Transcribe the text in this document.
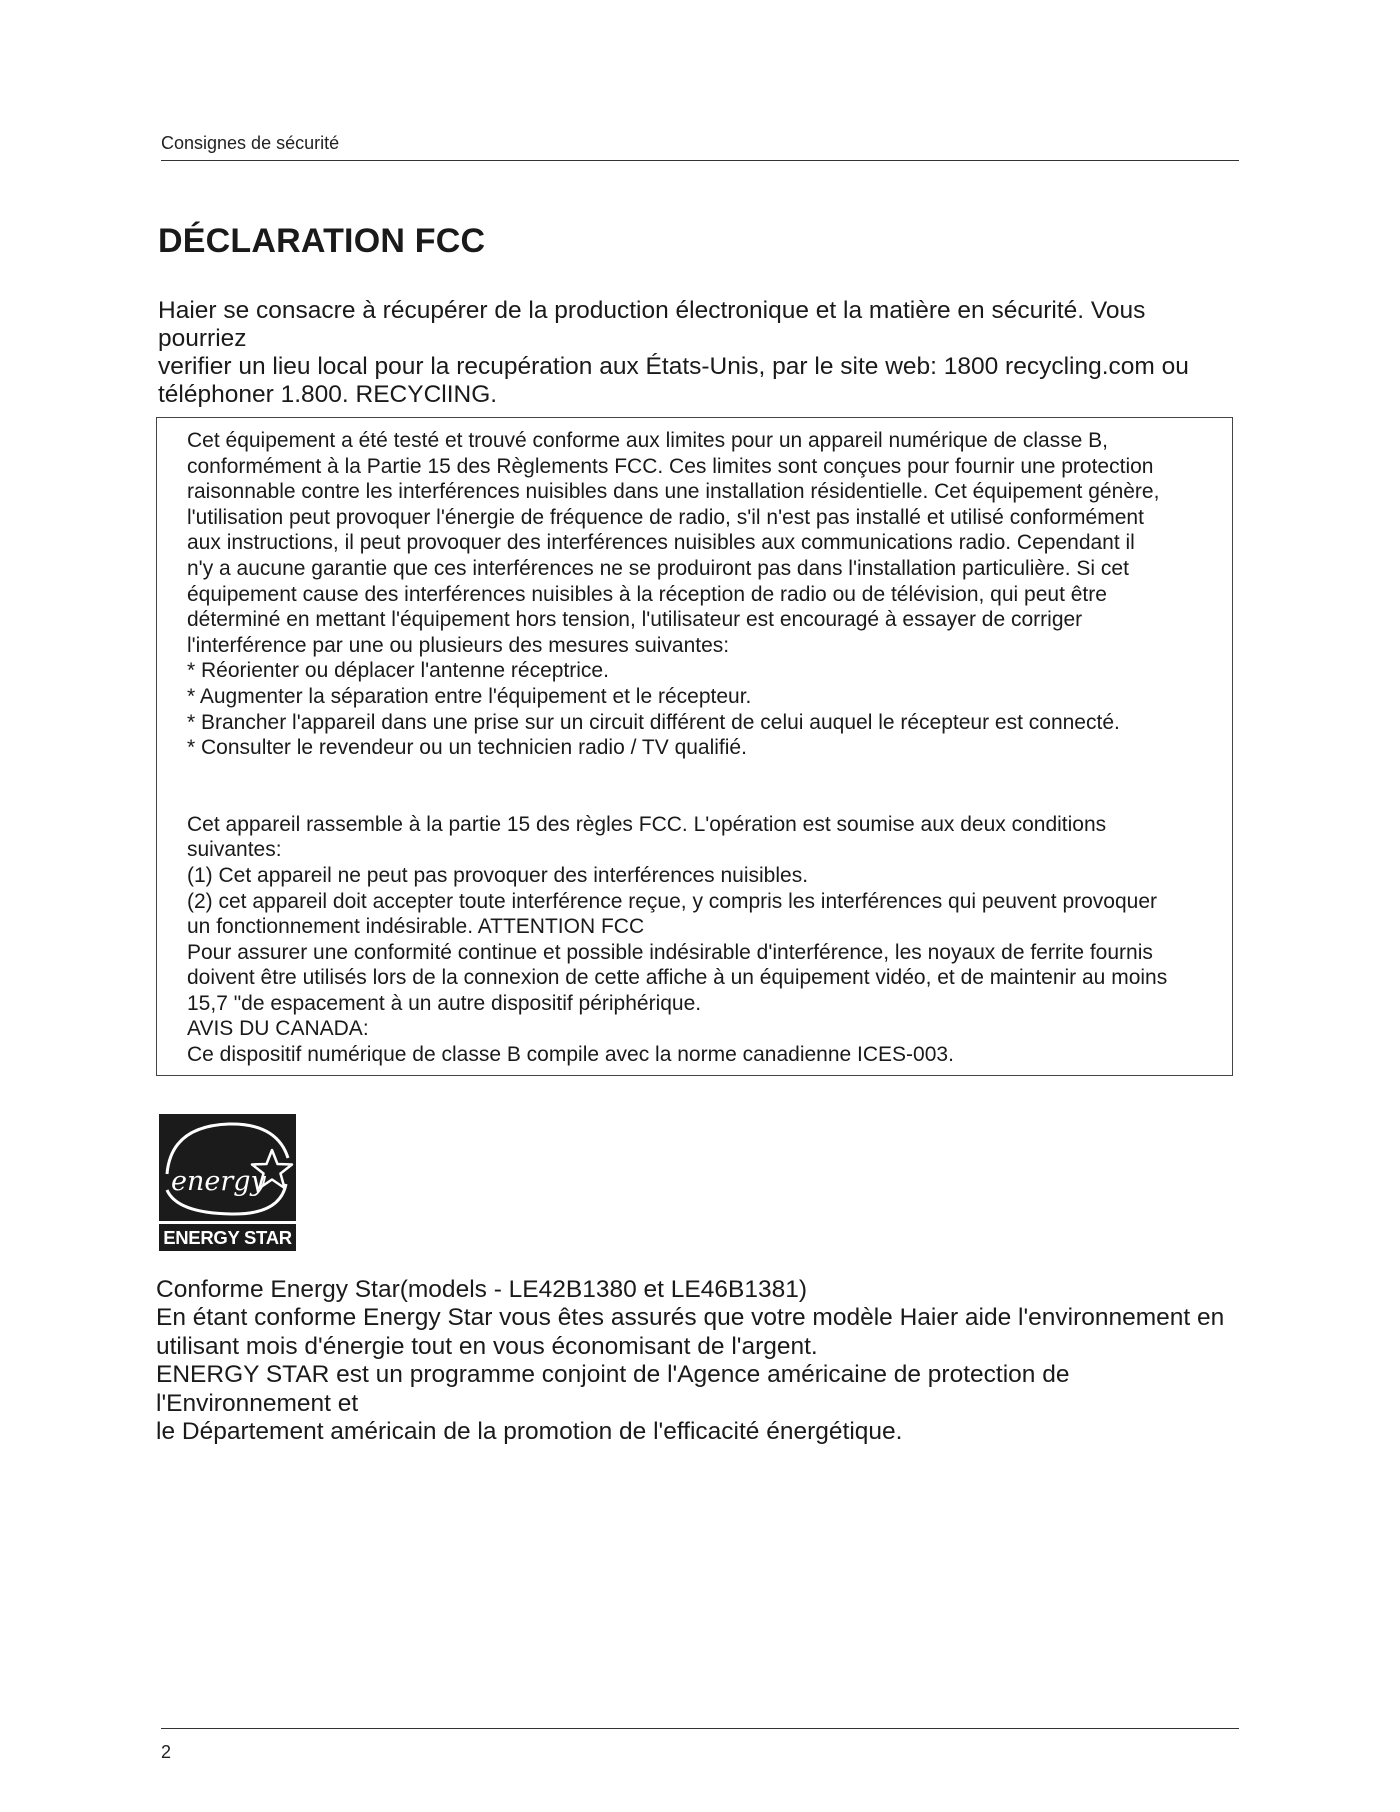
Consignes de sécurité
DÉCLARATION FCC
Haier se consacre à récupérer de la production électronique et la matière en sécurité. Vous pourriez
verifier un lieu local pour la recupération aux États-Unis, par le site web: 1800 recycling.com ou
téléphoner 1.800. RECYClING.

Cet équipement a été testé et trouvé conforme aux limites pour un appareil numérique de classe B,

conformément à la Partie 15 des Règlements FCC. Ces limites sont conçues pour fournir une protection

raisonnable contre les interférences nuisibles dans une installation résidentielle. Cet équipement génère,

l'utilisation peut provoquer l'énergie de fréquence de radio, s'il n'est pas installé et utilisé conformément

aux instructions, il peut provoquer des interférences nuisibles aux communications radio. Cependant il

n'y a aucune garantie que ces interférences ne se produiront pas dans l'installation particulière. Si cet

équipement cause des interférences nuisibles à la réception de radio ou de télévision, qui peut être

déterminé en mettant l'équipement hors tension, l'utilisateur est encouragé à essayer de corriger

l'interférence par une ou plusieurs des mesures suivantes:

* Réorienter ou déplacer l'antenne réceptrice.

* Augmenter la séparation entre l'équipement et le récepteur.

* Brancher l'appareil dans une prise sur un circuit différent de celui auquel le récepteur est connecté.

* Consulter le revendeur ou un technicien radio / TV qualifié.

Cet appareil rassemble à la partie 15 des règles FCC. L'opération est soumise aux deux conditions

suivantes:

(1) Cet appareil ne peut pas provoquer des interférences nuisibles.

(2) cet appareil doit accepter toute interférence reçue, y compris les interférences qui peuvent provoquer

un fonctionnement indésirable. ATTENTION FCC

Pour assurer une conformité continue et possible indésirable d'interférence, les noyaux de ferrite fournis

doivent être utilisés lors de la connexion de cette affiche à un équipement vidéo, et de maintenir au moins

15,7 "de espacement à un autre dispositif périphérique.

AVIS DU CANADA:

Ce dispositif numérique de classe B compile avec la norme canadienne ICES-003.

energy
ENERGY STAR

Conforme Energy Star(models - LE42B1380 et LE46B1381)

En étant conforme Energy Star vous êtes assurés que votre modèle Haier aide l'environnement en

utilisant mois d'énergie tout en vous économisant de l'argent.

ENERGY STAR est un programme conjoint de l'Agence américaine de protection de l'Environnement et

le Département américain de la promotion de l'efficacité énergétique.

2
